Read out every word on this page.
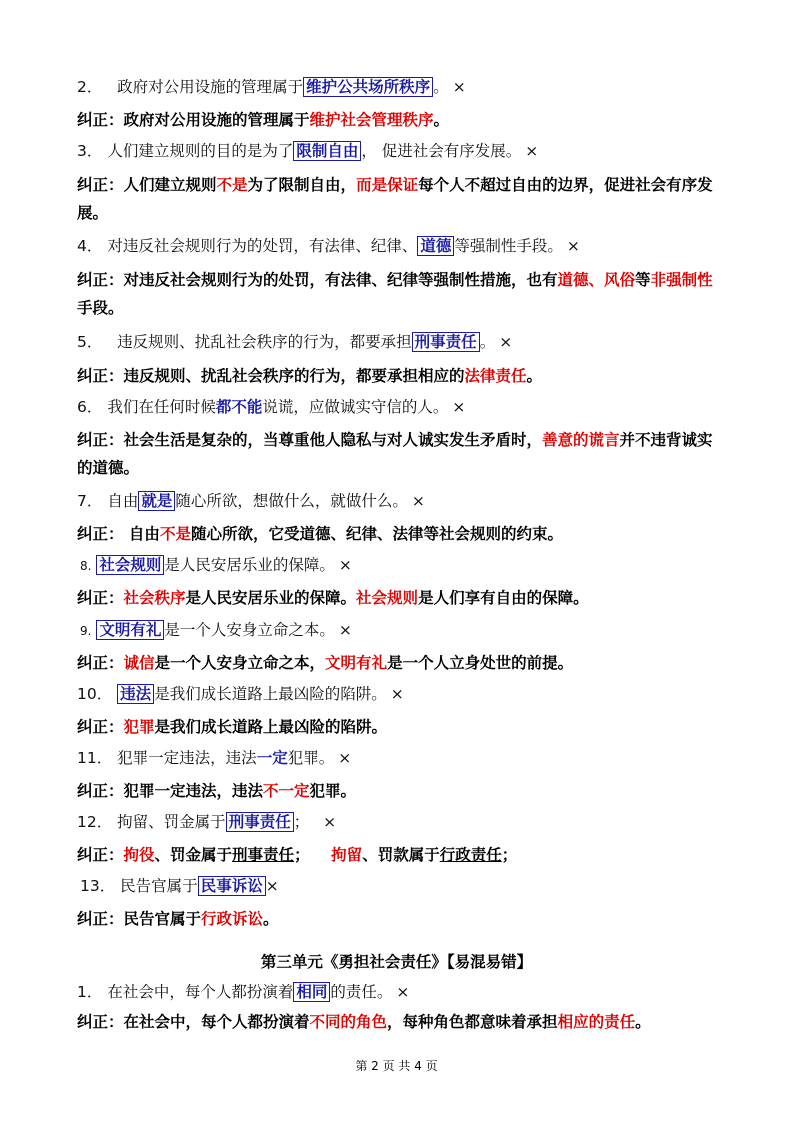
2． 政府对公用设施的管理属于 维护公共场所秩序 。 ×
纠正：政府对公用设施的管理属于维护社会管理秩序。
3． 人们建立规则的目的是为了 限制自由 ， 促进社会有序发展。 ×
纠正：人们建立规则不是为了限制自由，而是保证每个人不超过自由的边界，促进社会有序发展。
4． 对违反社会规则行为的处罚，有法律、纪律、 道德 等强制性手段。 ×
纠正：对违反社会规则行为的处罚，有法律、纪律等强制性措施，也有道德、风俗等非强制性手段。
5． 违反规则、扰乱社会秩序的行为，都要承担 刑事责任 。 ×
纠正：违反规则、扰乱社会秩序的行为，都要承担相应的法律责任。
6． 我们在任何时候都不能说谎，应做诚实守信的人。 ×
纠正：社会生活是复杂的，当尊重他人隐私与对人诚实发生矛盾时，善意的谎言并不违背诚实的道德。
7． 自由 就是 随心所欲，想做什么，就做什么。 ×
纠正： 自由不是随心所欲，它受道德、纪律、法律等社会规则的约束。
8. 社会规则 是人民安居乐业的保障。 ×
纠正：社会秩序是人民安居乐业的保障。社会规则是人们享有自由的保障。
9. 文明有礼 是一个人安身立命之本。 ×
纠正：诚信是一个人安身立命之本，文明有礼是一个人立身处世的前提。
10． 违法 是我们成长道路上最凶险的陷阱。 ×
纠正：犯罪是我们成长道路上最凶险的陷阱。
11． 犯罪一定违法，违法一定犯罪。 ×
纠正：犯罪一定违法，违法不一定犯罪。
12． 拘留、罚金属于 刑事责任 ； ×
纠正：拘役、罚金属于刑事责任； 拘留、罚款属于行政责任；
13． 民告官属于 民事诉讼 ×
纠正：民告官属于行政诉讼。
第三单元《勇担社会责任》【易混易错】
1． 在社会中，每个人都扮演着 相同 的责任。 ×
纠正：在社会中，每个人都扮演着不同的角色，每种角色都意味着承担相应的责任。
第 2 页 共 4 页
